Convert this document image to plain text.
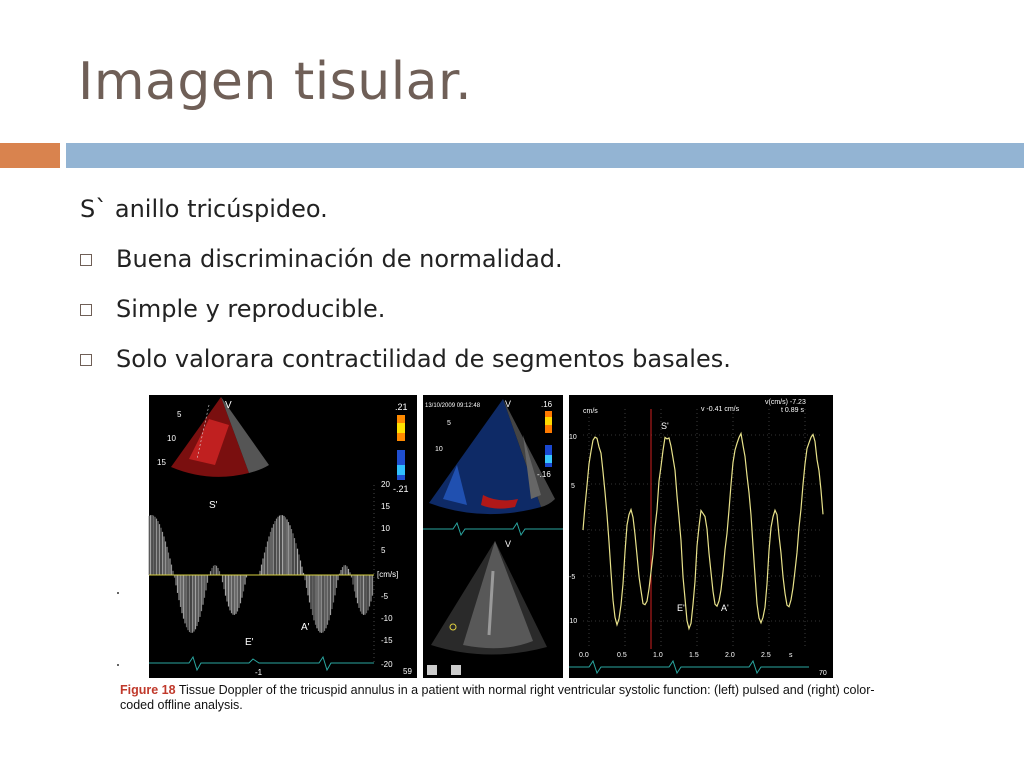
Imagen tisular.
S` anillo tricúspideo.
Buena discriminación de normalidad.
Simple y reproducible.
Solo valorara contractilidad de segmentos basales.
.21
-.21
V
5
10
15
S'
E'
A'
20
15
10
5
[cm/s]
-5
-10
-15
-20
59
-1
13/10/2009 09:12:48	V	.16
-.16
5
10
V
cm/s	v -0.41 cm/s
v(cm/s) -7.23
t 0.89 s
10
5
-5
-10
0.0	0.5	1.0	1.5	2.0	2.5	s
70
S'
E'	A'
Figure 18 Tissue Doppler of the tricuspid annulus in a patient with normal right ventricular systolic function: (left) pulsed and (right) color-coded offline analysis.
